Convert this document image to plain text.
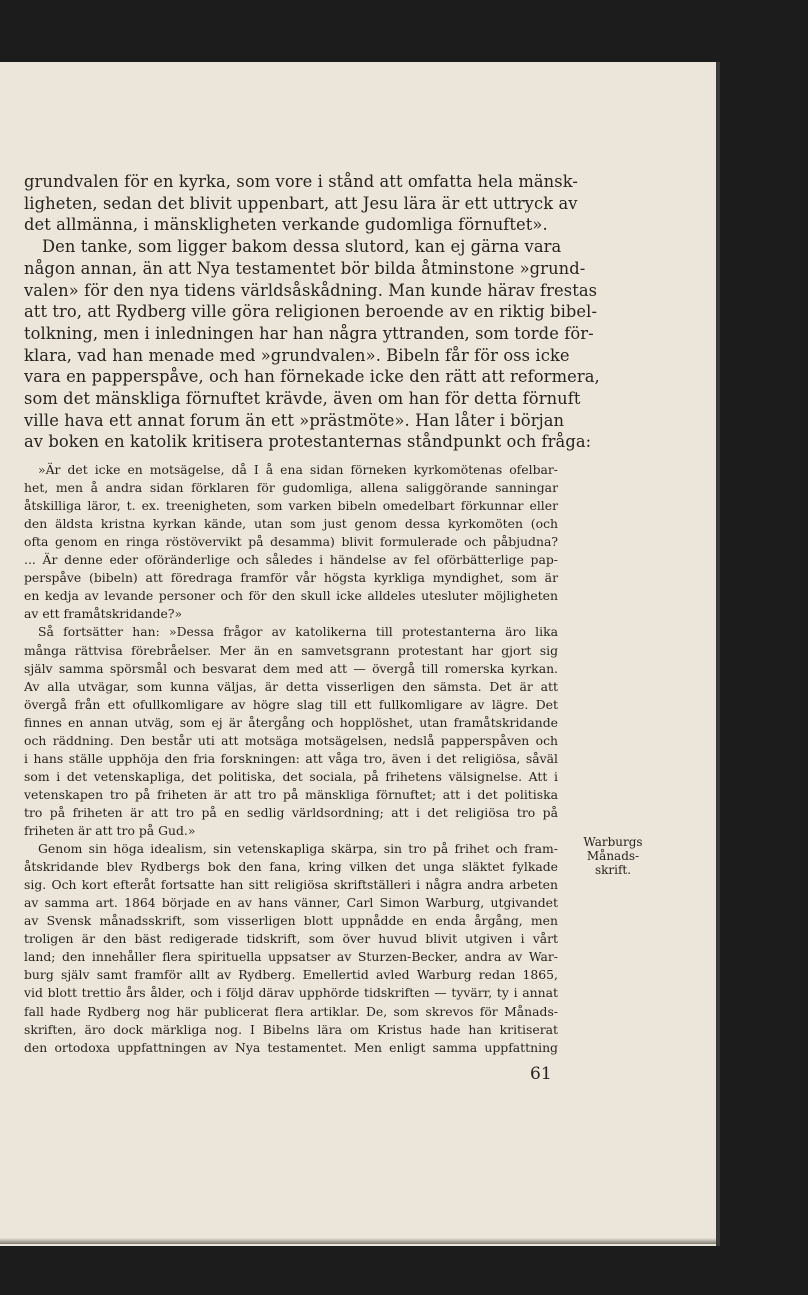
grundvalen för en kyrka, som vore i stånd att omfatta hela mänsk-
ligheten, sedan det blivit uppenbart, att Jesu lära är ett uttryck av
det allmänna, i mänskligheten verkande gudomliga förnuftet».
Den tanke, som ligger bakom dessa slutord, kan ej gärna vara
någon annan, än att Nya testamentet bör bilda åtminstone »grund-
valen» för den nya tidens världsåskådning. Man kunde härav frestas
att tro, att Rydberg ville göra religionen beroende av en riktig bibel-
tolkning, men i inledningen har han några yttranden, som torde för-
klara, vad han menade med »grundvalen». Bibeln får för oss icke
vara en papperspåve, och han förnekade icke den rätt att reformera,
som det mänskliga förnuftet krävde, även om han för detta förnuft
ville hava ett annat forum än ett »prästmöte». Han låter i början
av boken en katolik kritisera protestanternas ståndpunkt och fråga:
»Är det icke en motsägelse, då I å ena sidan förneken kyrkomötenas ofelbar-
het, men å andra sidan förklaren för gudomliga, allena saliggörande sanningar
åtskilliga läror, t. ex. treenigheten, som varken bibeln omedelbart förkunnar eller
den äldsta kristna kyrkan kände, utan som just genom dessa kyrkomöten (och
ofta genom en ringa röstövervikt på desamma) blivit formulerade och påbjudna?
... Är denne eder oföränderlige och således i händelse av fel oförbätterlige pap-
perspåve (bibeln) att föredraga framför vår högsta kyrkliga myndighet, som är
en kedja av levande personer och för den skull icke alldeles utesluter möjligheten
av ett framåtskridande?»
Så fortsätter han: »Dessa frågor av katolikerna till protestanterna äro lika
många rättvisa förebråelser. Mer än en samvetsgrann protestant har gjort sig
själv samma spörsmål och besvarat dem med att — övergå till romerska kyrkan.
Av alla utvägar, som kunna väljas, är detta visserligen den sämsta. Det är att
övergå från ett ofullkomligare av högre slag till ett fullkomligare av lägre. Det
finnes en annan utväg, som ej är återgång och hopplöshet, utan framåtskridande
och räddning. Den består uti att motsäga motsägelsen, nedslå papperspåven och
i hans ställe upphöja den fria forskningen: att våga tro, även i det religiösa, såväl
som i det vetenskapliga, det politiska, det sociala, på frihetens välsignelse. Att i
vetenskapen tro på friheten är att tro på mänskliga förnuftet; att i det politiska
tro på friheten är att tro på en sedlig världsordning; att i det religiösa tro på
friheten är att tro på Gud.»
Genom sin höga idealism, sin vetenskapliga skärpa, sin tro på frihet och fram-
åtskridande blev Rydbergs bok den fana, kring vilken det unga släktet fylkade
sig. Och kort efteråt fortsatte han sitt religiösa skriftställeri i några andra arbeten
av samma art. 1864 började en av hans vänner, Carl Simon Warburg, utgivandet
av Svensk månadsskrift, som visserligen blott uppnådde en enda årgång, men
troligen är den bäst redigerade tidskrift, som över huvud blivit utgiven i vårt
land; den innehåller flera spirituella uppsatser av Sturzen-Becker, andra av War-
burg själv samt framför allt av Rydberg. Emellertid avled Warburg redan 1865,
vid blott trettio års ålder, och i följd därav upphörde tidskriften — tyvärr, ty i annat
fall hade Rydberg nog här publicerat flera artiklar. De, som skrevos för Månads-
skriften, äro dock märkliga nog. I Bibelns lära om Kristus hade han kritiserat
den ortodoxa uppfattningen av Nya testamentet. Men enligt samma uppfattning
Warburgs
Månads-
skrift.
61
